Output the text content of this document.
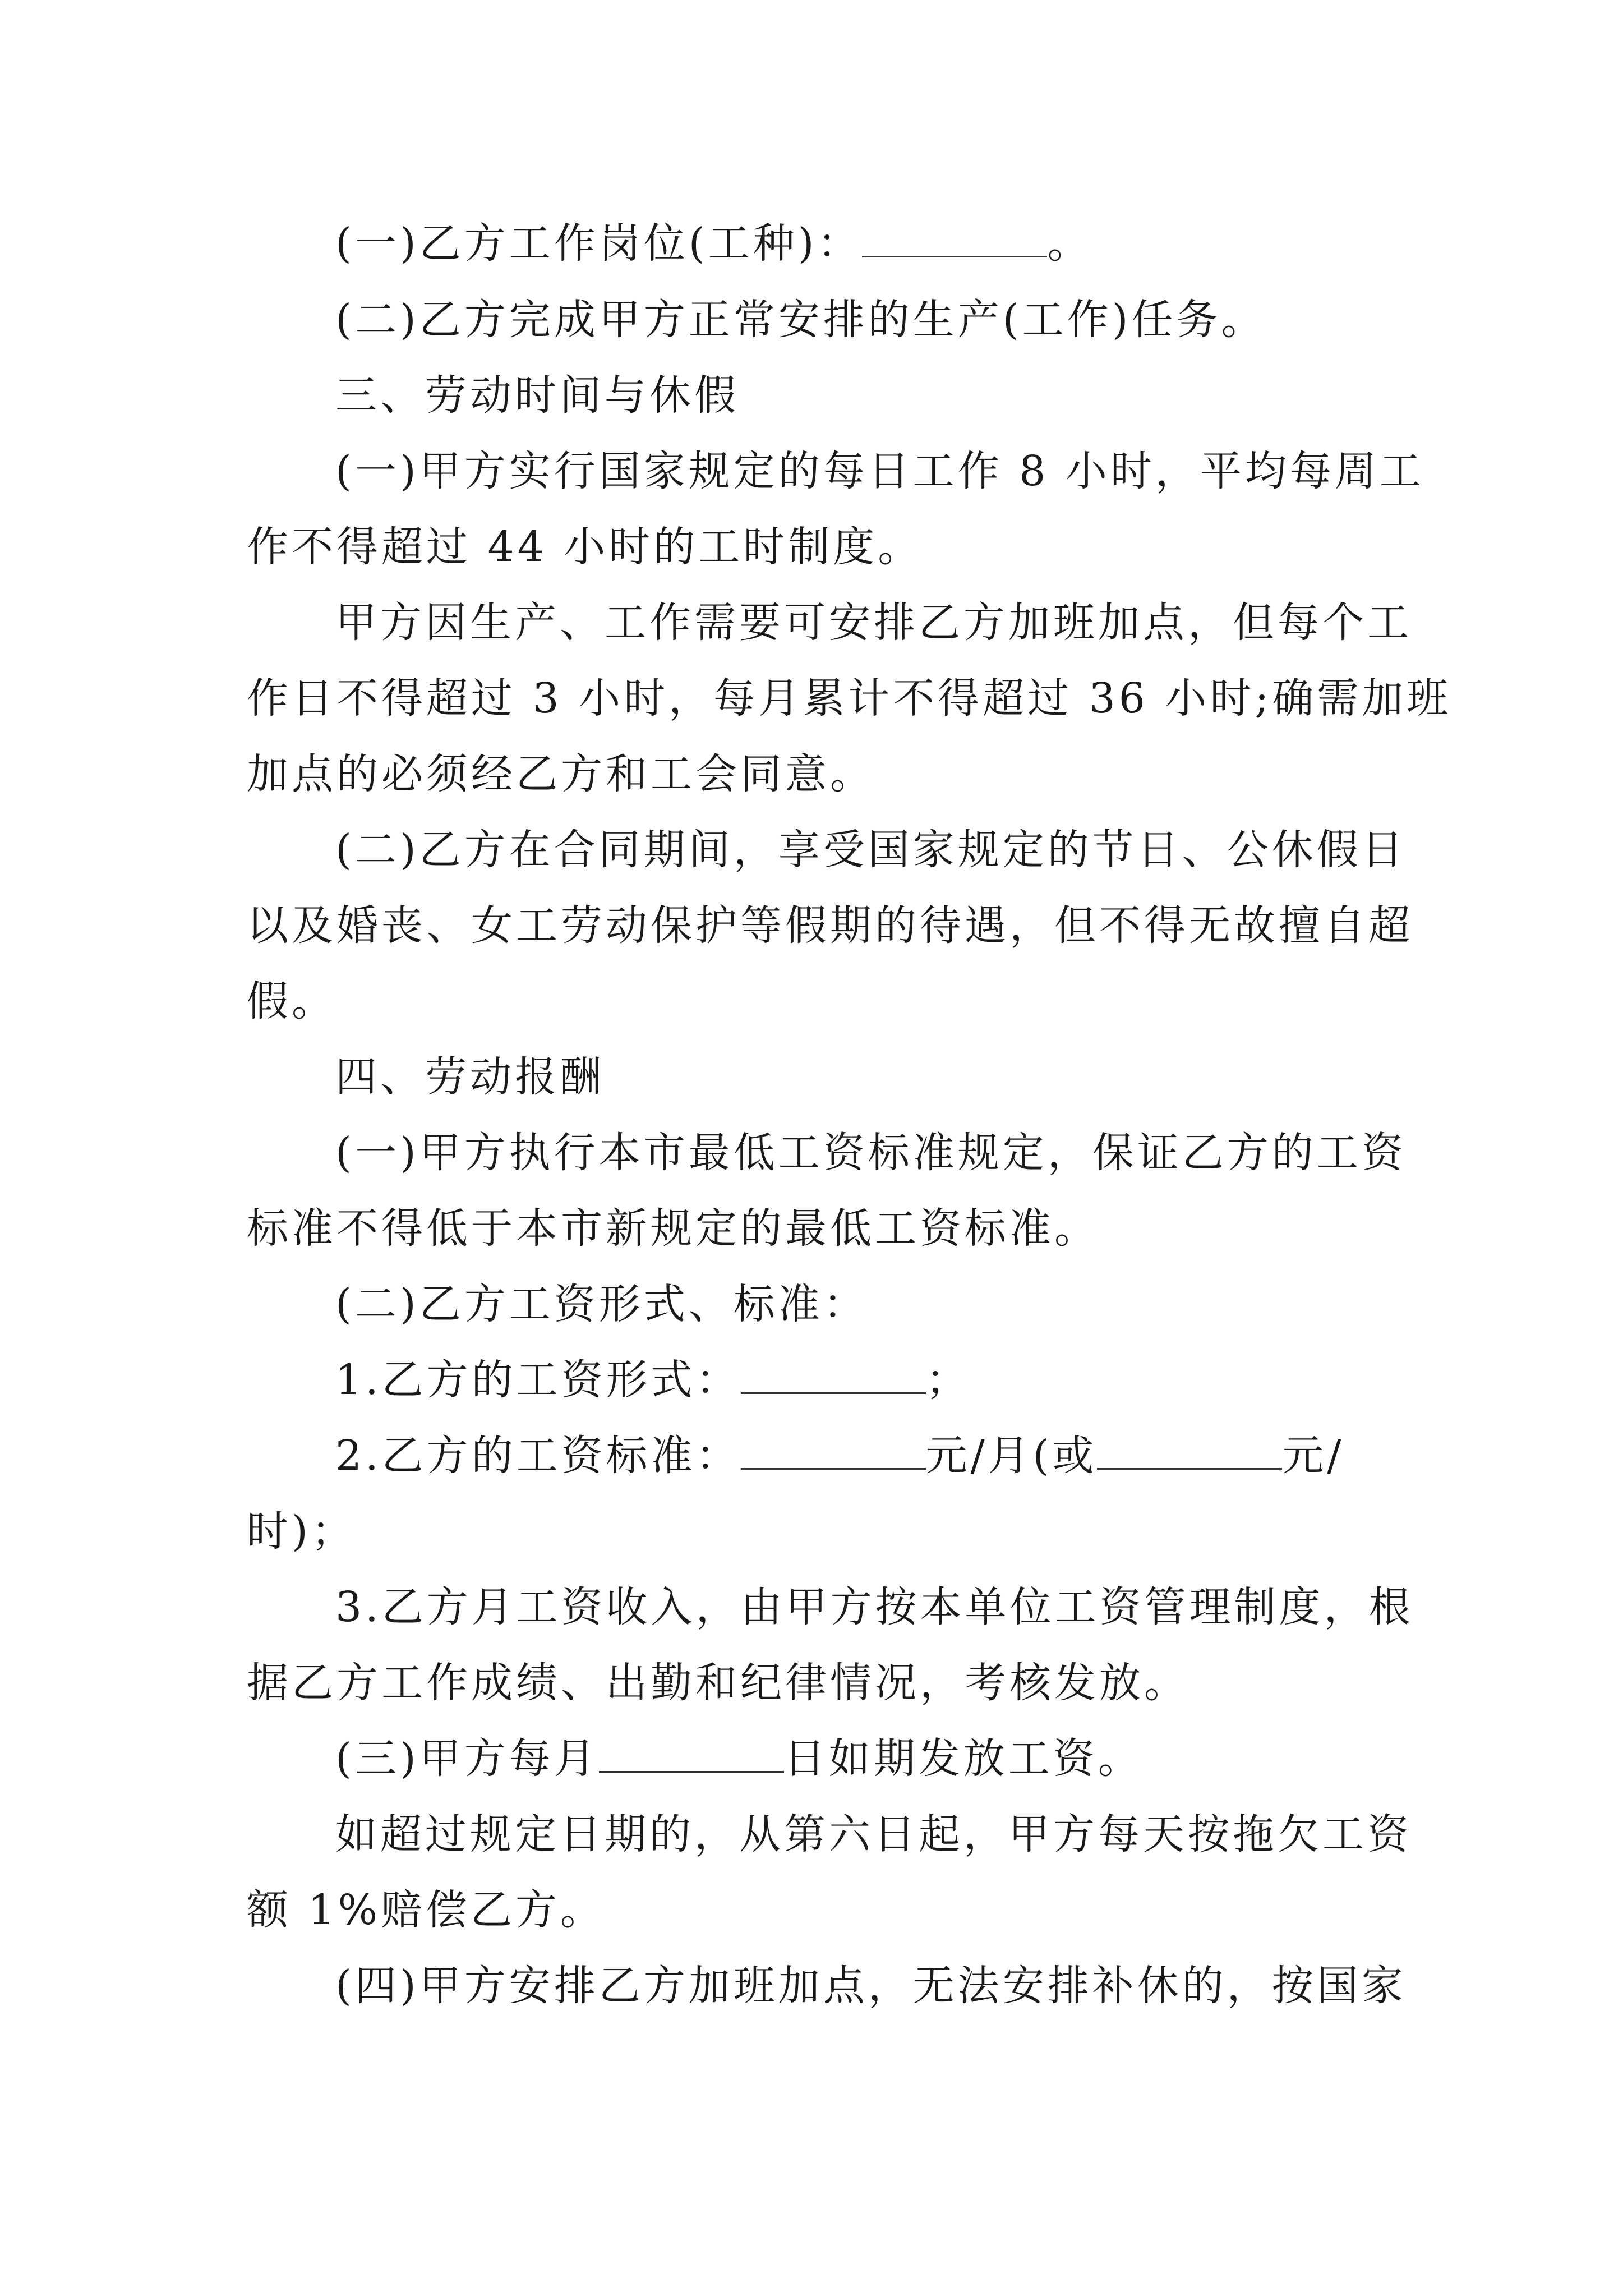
(一)乙方工作岗位(工种)：	。
(二)乙方完成甲方正常安排的生产(工作)任务。
三、劳动时间与休假
(一)甲方实行国家规定的每日工作 8 小时，平均每周工
作不得超过 44 小时的工时制度。
甲方因生产、工作需要可安排乙方加班加点，但每个工
作日不得超过 3 小时，每月累计不得超过 36 小时;确需加班
加点的必须经乙方和工会同意。
(二)乙方在合同期间，享受国家规定的节日、公休假日
以及婚丧、女工劳动保护等假期的待遇，但不得无故擅自超
假。
四、劳动报酬
(一)甲方执行本市最低工资标准规定，保证乙方的工资
标准不得低于本市新规定的最低工资标准。
(二)乙方工资形式、标准：
1.乙方的工资形式：	；
2.乙方的工资标准：	元/月(或	元/
时)；
3.乙方月工资收入，由甲方按本单位工资管理制度，根
据乙方工作成绩、出勤和纪律情况，考核发放。
(三)甲方每月	日如期发放工资。
如超过规定日期的，从第六日起，甲方每天按拖欠工资
额 1%赔偿乙方。
(四)甲方安排乙方加班加点，无法安排补休的，按国家
